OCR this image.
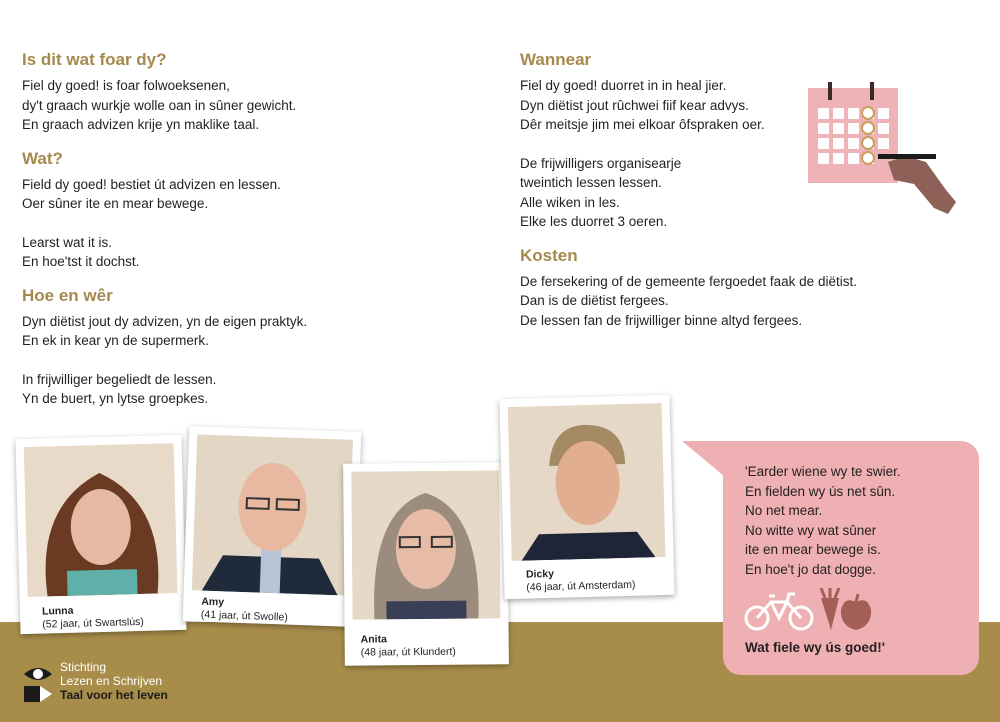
Is dit wat foar dy?
Fiel dy goed! is foar folwoeksenen,
dy't graach wurkje wolle oan in sûner gewicht.
En graach advizen krije yn maklike taal.
Wat?
Field dy goed! bestiet út advizen en lessen.
Oer sûner ite en mear bewege.
Learst wat it is.
En hoe'tst it dochst.
Hoe en wêr
Dyn diëtist jout dy advizen, yn de eigen praktyk.
En ek in kear yn de supermerk.
In frijwilliger begeliedt de lessen.
Yn de buert, yn lytse groepkes.
Wannear
Fiel dy goed! duorret in in heal jier.
Dyn diëtist jout rûchwei fiif kear advys.
Dêr meitsje jim mei elkoar ôfspraken oer.
De frijwilligers organisearje
tweintich lessen lessen.
Alle wiken in les.
Elke les duorret 3 oeren.
Kosten
De fersekering of de gemeente fergoedet faak de diëtist.
Dan is de diëtist fergees.
De lessen fan de frijwilliger binne altyd fergees.
Lunna
(52 jaar, út Swartslús)
Amy
(41 jaar, út Swolle)
Anita
(48 jaar, út Klundert)
Dicky
(46 jaar, út Amsterdam)
'Earder wiene wy te swier.
En fielden wy ús net sûn.
No net mear.
No witte wy wat sûner
ite en mear bewege is.
En hoe't jo dat dogge.
Wat fiele wy ús goed!'
Stichting
Lezen en Schrijven
Taal voor het leven
